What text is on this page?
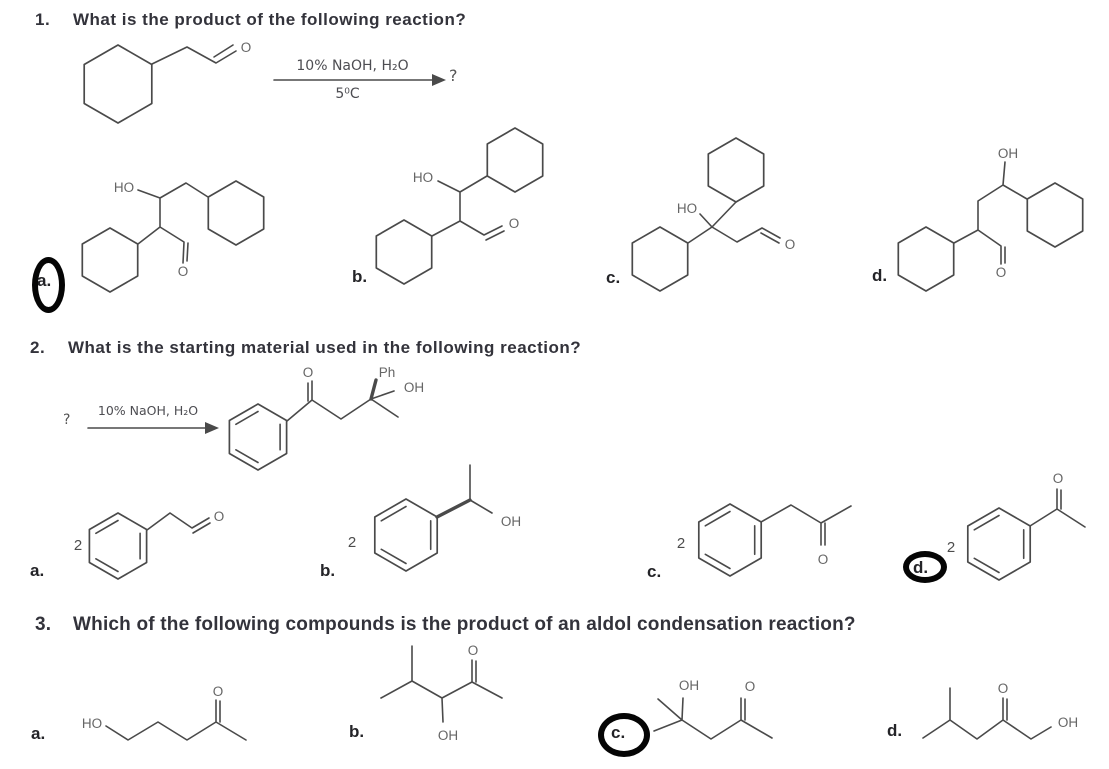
1.	What is the product of the following reaction?
2.	What is the starting material used in the following reaction?
3.	Which of the following compounds is the product of an aldol condensation reaction?
10% NaOH, H₂O
5⁰C
?
10% NaOH, H₂O
?
O
HO
O
HO
O
HO
O
OH
O
O	Ph
OH
2
O
2
OH
2
O
2
O
HO
O
OH
O
OH	O	O
OH
a.	b.	c.	d.
a.	b.	c.	d.
a.	b.	c.	d.
